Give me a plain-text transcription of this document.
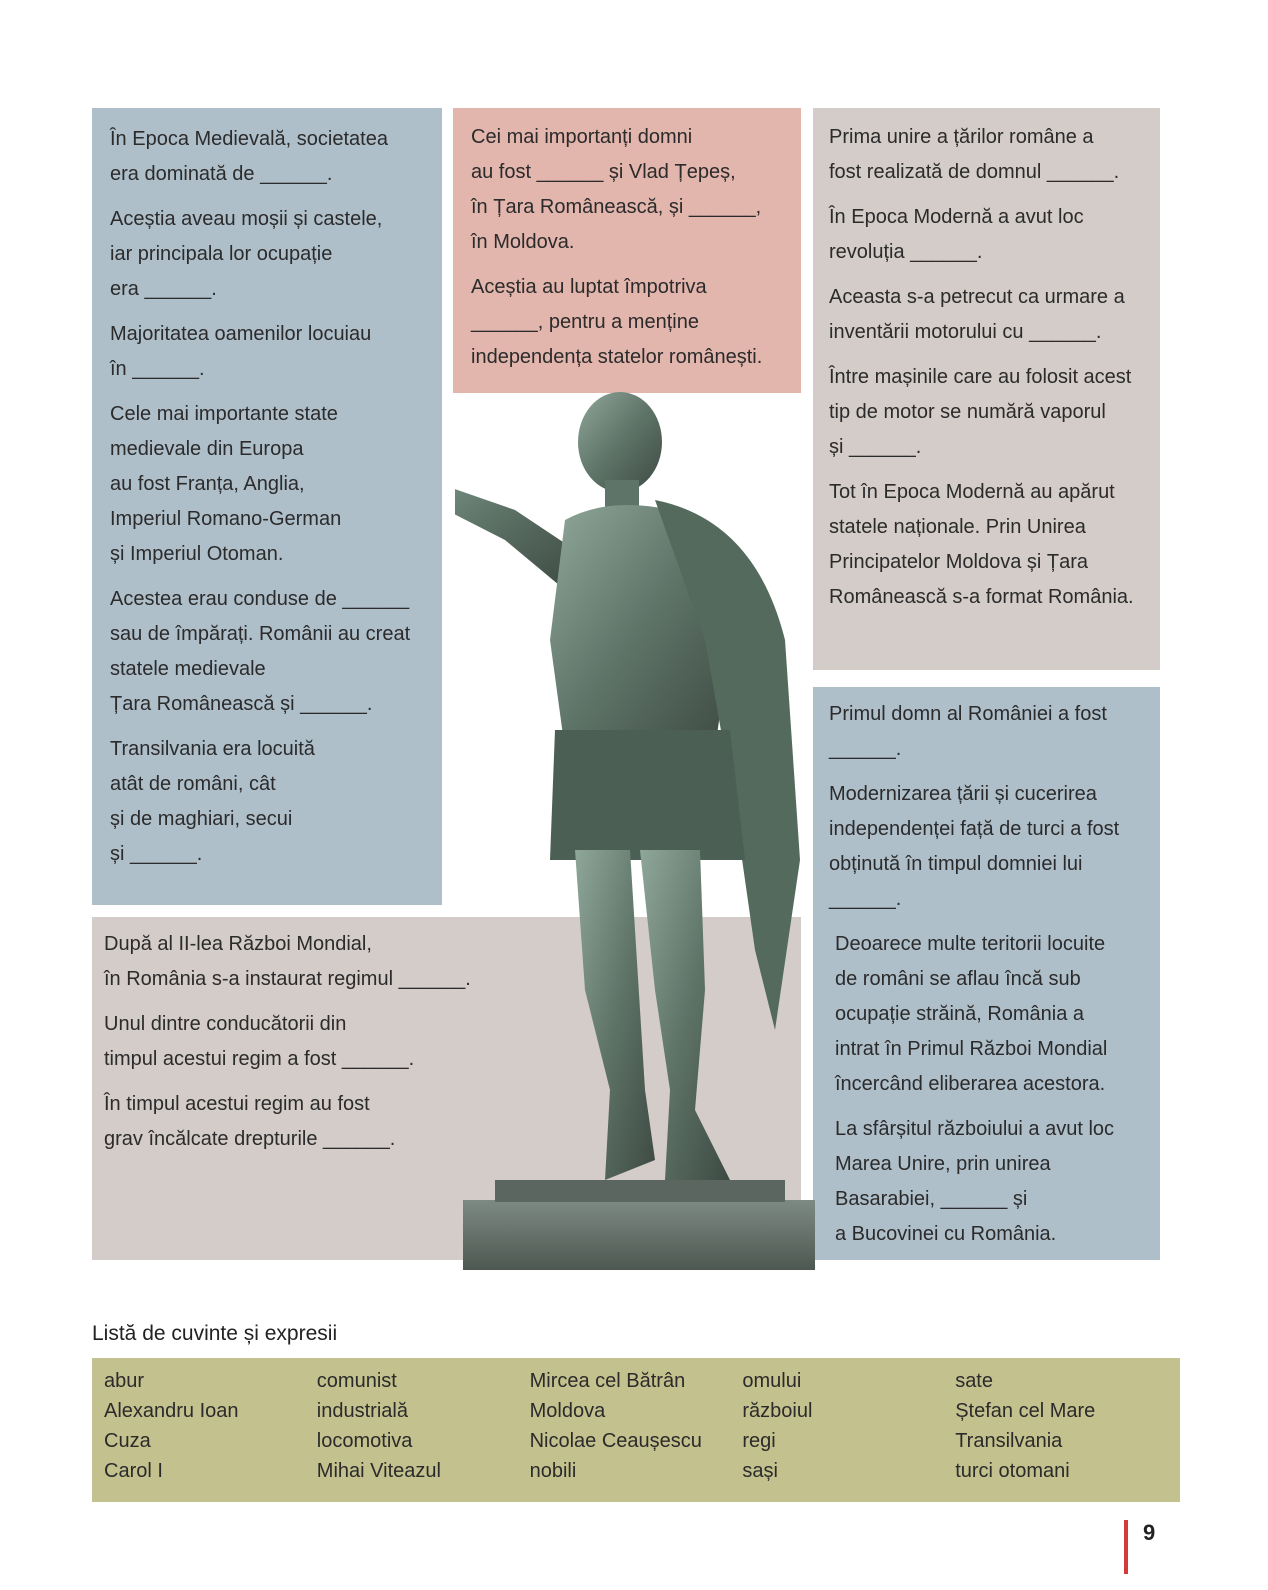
În Epoca Medievală, societatea
era dominată de ______.

Aceștia aveau moșii și castele,
iar principala lor ocupație
era ______.

Majoritatea oamenilor locuiau
în ______.

Cele mai importante state
medievale din Europa
au fost Franța, Anglia,
Imperiul Romano-German
și Imperiul Otoman.

Acestea erau conduse de ______
sau de împărați. Românii au creat
statele medievale
Țara Românească și ______.

Transilvania era locuită
atât de români, cât
și de maghiari, secui
și ______.

Cei mai importanți domni
au fost ______ și Vlad Țepeș,
în Țara Românească, și ______,
în Moldova.

Aceștia au luptat împotriva
______, pentru a menține
independența statelor românești.

Prima unire a țărilor române a
fost realizată de domnul ______.

În Epoca Modernă a avut loc
revoluția ______.

Aceasta s-a petrecut ca urmare a
inventării motorului cu ______.

Între mașinile care au folosit acest
tip de motor se numără vaporul
și ______.

Tot în Epoca Modernă au apărut
statele naționale. Prin Unirea
Principatelor Moldova și Țara
Românească s-a format România.

Primul domn al României a fost
______.

Modernizarea țării și cucerirea
independenței față de turci a fost
obținută în timpul domniei lui
______.

Deoarece multe teritorii locuite
de români se aflau încă sub
ocupație străină, România a
intrat în Primul Război Mondial
încercând eliberarea acestora.

La sfârșitul războiului a avut loc
Marea Unire, prin unirea
Basarabiei, ______ și
a Bucovinei cu România.

După al II-lea Război Mondial,
în România s-a instaurat regimul ______.

Unul dintre conducătorii din
timpul acestui regim a fost ______.

În timpul acestui regim au fost
grav încălcate drepturile ______.

Listă de cuvinte și expresii
abur
Alexandru Ioan
Cuza
Carol I
comunist
industrială
locomotiva
Mihai Viteazul
Mircea cel Bătrân
Moldova
Nicolae Ceaușescu
nobili
omului
războiul
regi
sași
sate
Ștefan cel Mare
Transilvania
turci otomani
9
